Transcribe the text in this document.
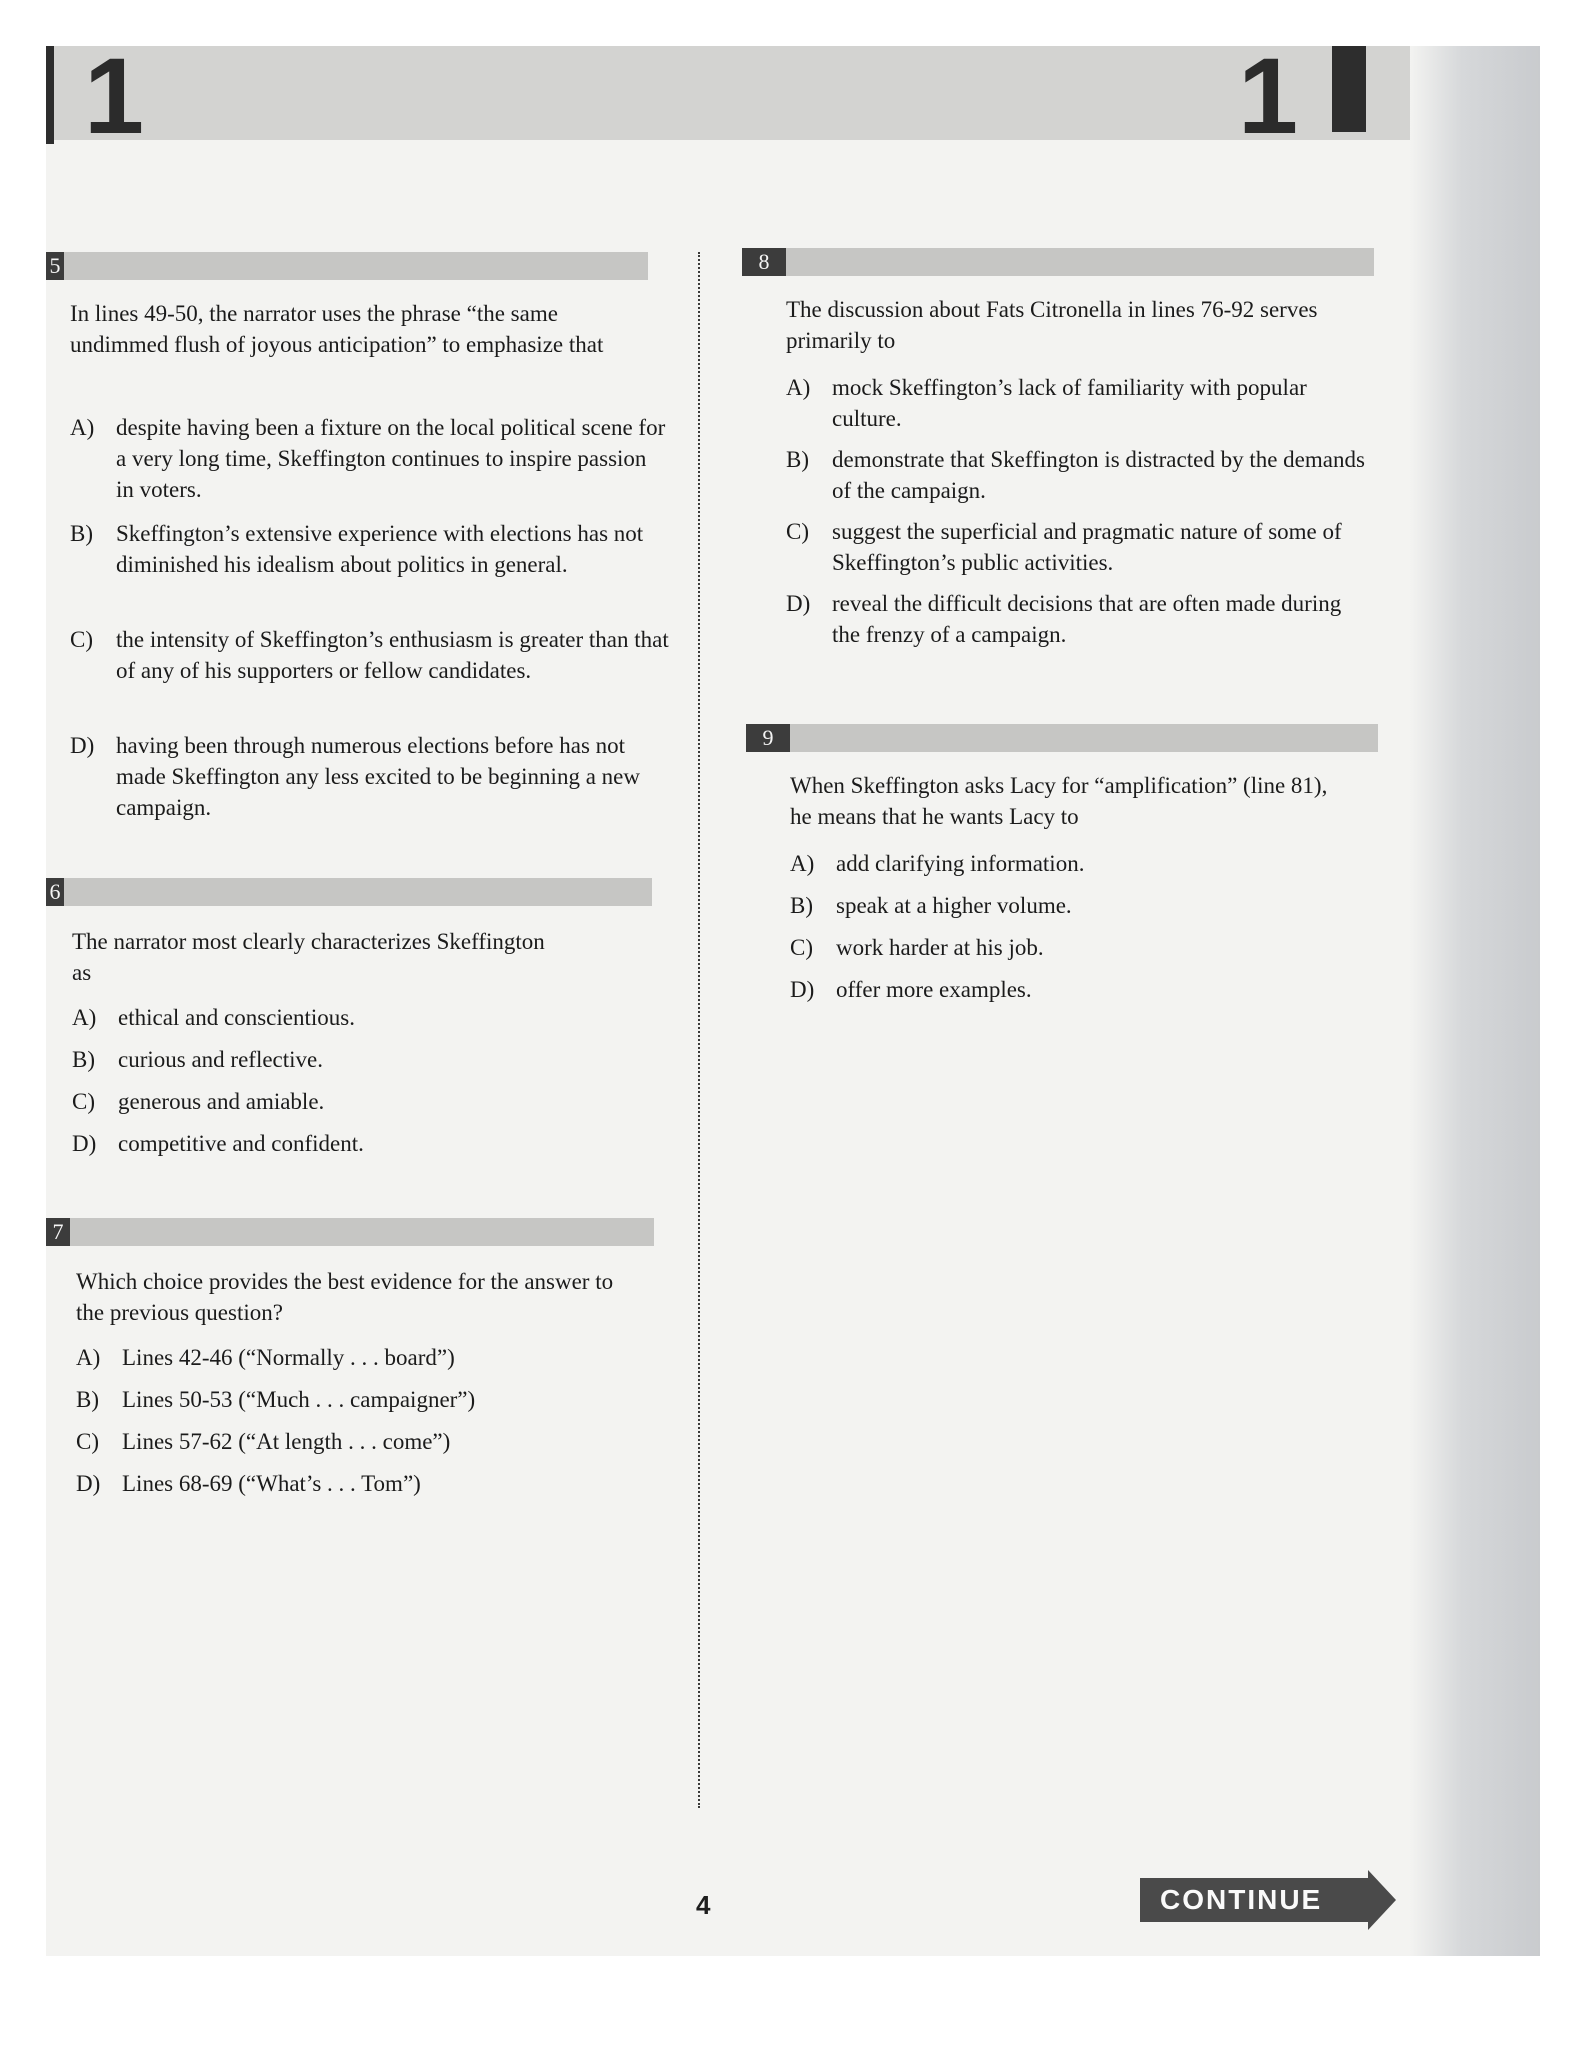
1	1
5

In lines 49-50, the narrator uses the phrase “the same undimmed flush of joyous anticipation” to emphasize that

A) despite having been a fixture on the local political scene for a very long time, Skeffington continues to inspire passion in voters.
B)	Skeffington’s extensive experience with elections has not diminished his idealism about politics in general.
C)	the intensity of Skeffington’s enthusiasm is greater than that of any of his supporters or fellow candidates.
D) having been through numerous elections before has not made Skeffington any less excited to be beginning a new campaign.
6

The narrator most clearly characterizes Skeffington as

A) ethical and conscientious.
B)	curious and reflective.
C)	generous and amiable.
D) competitive and confident.
7

Which choice provides the best evidence for the answer to the previous question?

A) Lines 42-46 (“Normally . . . board”)
B)	Lines 50-53 (“Much . . . campaigner”)
C)	Lines 57-62 (“At length . . . come”)
D) Lines 68-69 (“What’s . . . Tom”)
8

The discussion about Fats Citronella in lines 76-92 serves primarily to

A) mock Skeffington’s lack of familiarity with popular culture.
B)	demonstrate that Skeffington is distracted by the demands of the campaign.
C)	suggest the superficial and pragmatic nature of some of Skeffington’s public activities.
D) reveal the difficult decisions that are often made during the frenzy of a campaign.
9

When Skeffington asks Lacy for “amplification” (line 81), he means that he wants Lacy to

A) add clarifying information.
B)	speak at a higher volume.
C)	work harder at his job.
D) offer more examples.
4	CONTINUE
